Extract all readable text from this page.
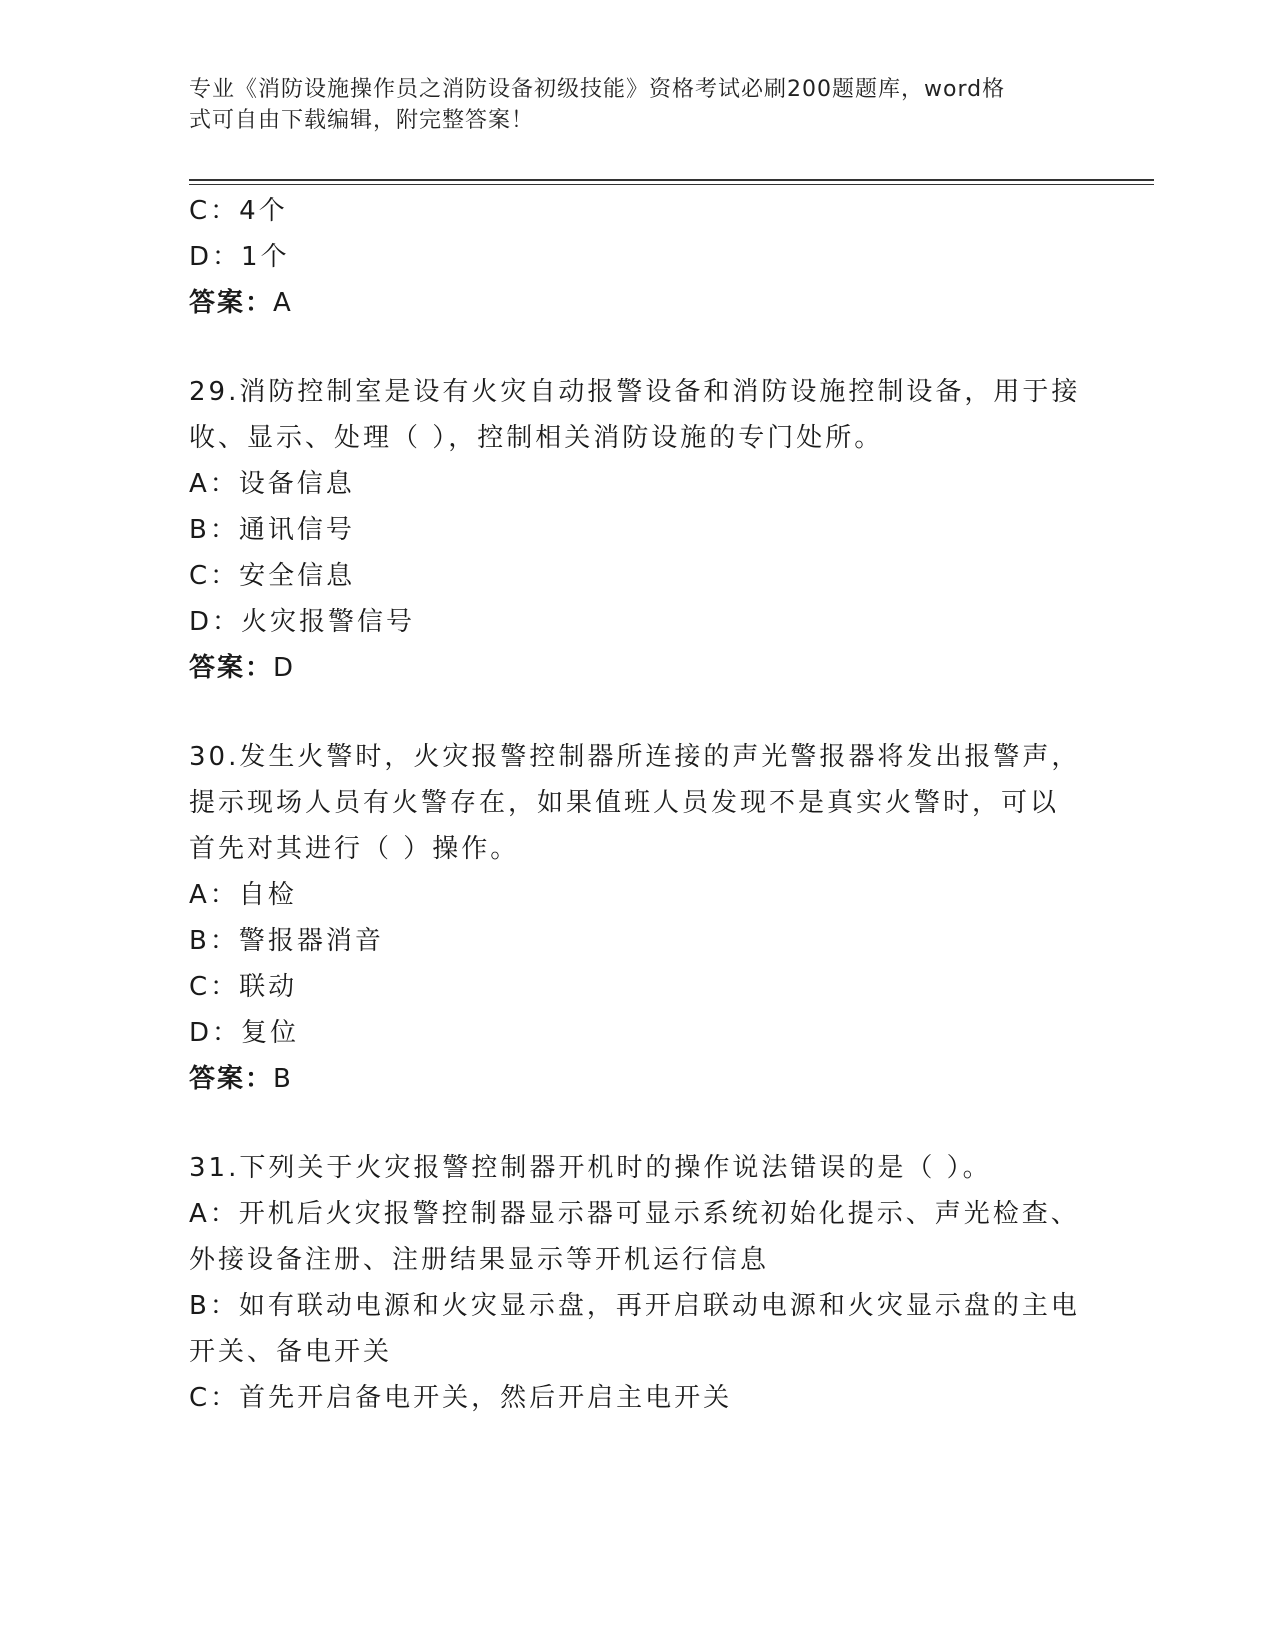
专业《消防设施操作员之消防设备初级技能》资格考试必刷200题题库，word格
式可自由下载编辑，附完整答案！
C：4个
D：1个
答案：A
29.消防控制室是设有火灾自动报警设备和消防设施控制设备，用于接
收、显示、处理（ ），控制相关消防设施的专门处所。
A：设备信息
B：通讯信号
C：安全信息
D：火灾报警信号
答案：D
30.发生火警时，火灾报警控制器所连接的声光警报器将发出报警声，
提示现场人员有火警存在，如果值班人员发现不是真实火警时，可以
首先对其进行（ ）操作。
A：自检
B：警报器消音
C：联动
D：复位
答案：B
31.下列关于火灾报警控制器开机时的操作说法错误的是（ ）。
A：开机后火灾报警控制器显示器可显示系统初始化提示、声光检查、
外接设备注册、注册结果显示等开机运行信息
B：如有联动电源和火灾显示盘，再开启联动电源和火灾显示盘的主电
开关、备电开关
C：首先开启备电开关，然后开启主电开关
